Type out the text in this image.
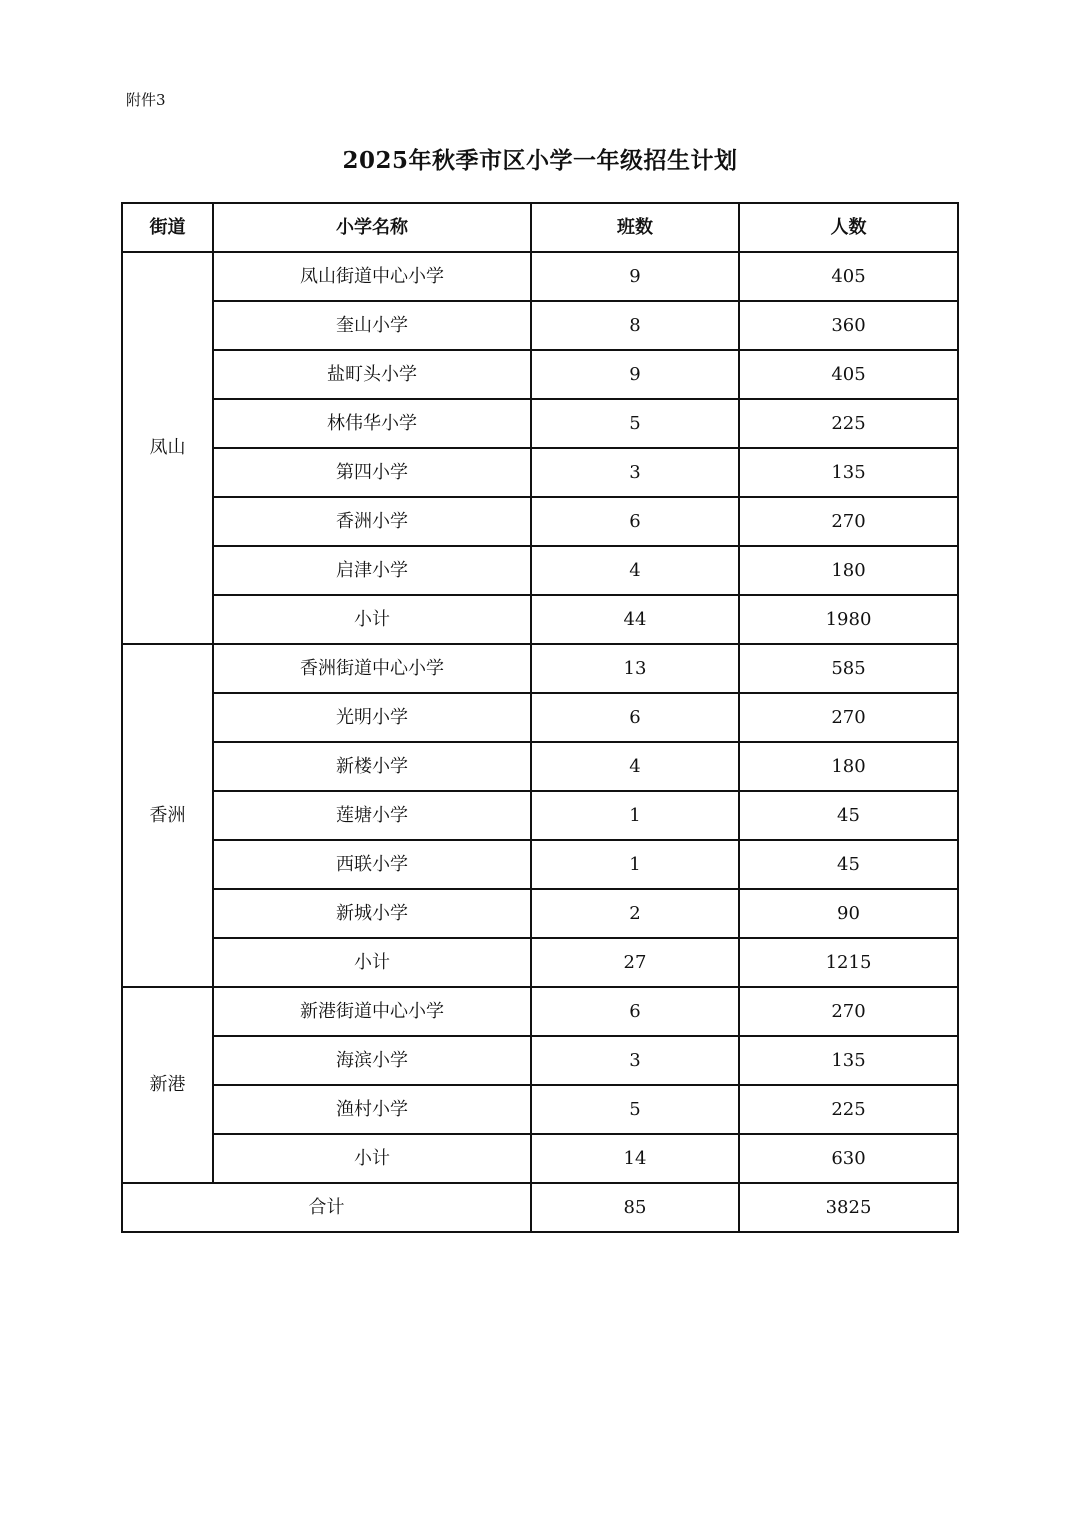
附件3
2025年秋季市区小学一年级招生计划
街道	小学名称	班数	人数
凤山	凤山街道中心小学	9	405
	奎山小学	8	360
	盐町头小学	9	405
	林伟华小学	5	225
	第四小学	3	135
	香洲小学	6	270
	启津小学	4	180
	小计	44	1980
香洲	香洲街道中心小学	13	585
	光明小学	6	270
	新楼小学	4	180
	莲塘小学	1	45
	西联小学	1	45
	新城小学	2	90
	小计	27	1215
新港	新港街道中心小学	6	270
	海滨小学	3	135
	渔村小学	5	225
	小计	14	630
合计		85	3825
